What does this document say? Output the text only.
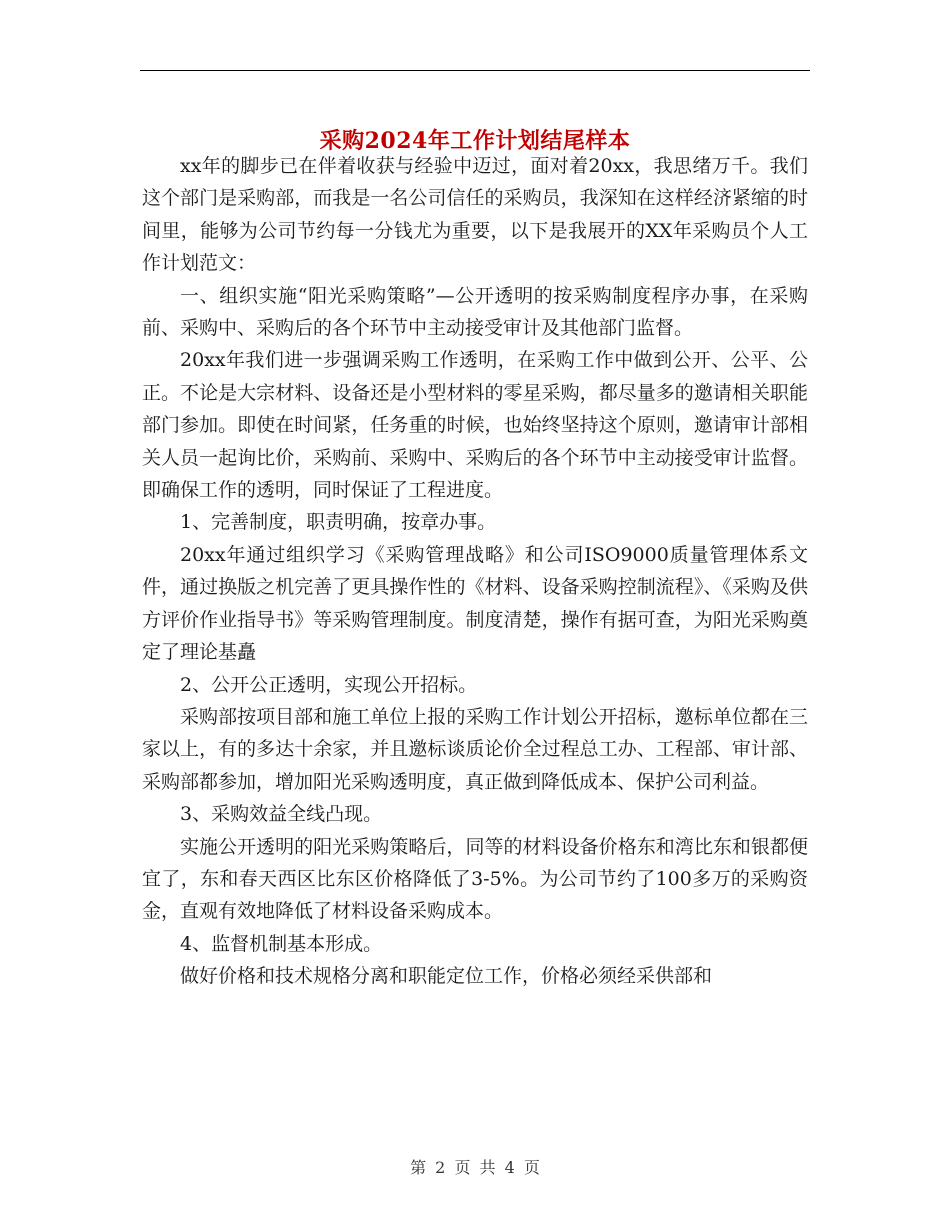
采购2024年工作计划结尾样本

xx年的脚步已在伴着收获与经验中迈过，面对着20xx，我思绪万千。我们这个部门是采购部，而我是一名公司信任的采购员，我深知在这样经济紧缩的时间里，能够为公司节约每一分钱尤为重要，以下是我展开的XX年采购员个人工作计划范文：

一、组织实施“阳光采购策略”—公开透明的按采购制度程序办事，在采购前、采购中、采购后的各个环节中主动接受审计及其他部门监督。

20xx年我们进一步强调采购工作透明，在采购工作中做到公开、公平、公正。不论是大宗材料、设备还是小型材料的零星采购，都尽量多的邀请相关职能部门参加。即使在时间紧，任务重的时候，也始终坚持这个原则，邀请审计部相关人员一起询比价，采购前、采购中、采购后的各个环节中主动接受审计监督。即确保工作的透明，同时保证了工程进度。

1、完善制度，职责明确，按章办事。

20xx年通过组织学习《采购管理战略》和公司ISO9000质量管理体系文件，通过换版之机完善了更具操作性的《材料、设备采购控制流程》、《采购及供方评价作业指导书》等采购管理制度。制度清楚，操作有据可查，为阳光采购奠定了理论基矗

2、公开公正透明，实现公开招标。

采购部按项目部和施工单位上报的采购工作计划公开招标，邀标单位都在三家以上，有的多达十余家，并且邀标谈质论价全过程总工办、工程部、审计部、采购部都参加，增加阳光采购透明度，真正做到降低成本、保护公司利益。

3、采购效益全线凸现。

实施公开透明的阳光采购策略后，同等的材料设备价格东和湾比东和银都便宜了，东和春天西区比东区价格降低了3-5%。为公司节约了100多万的采购资金，直观有效地降低了材料设备采购成本。

4、监督机制基本形成。

做好价格和技术规格分离和职能定位工作，价格必须经采供部和

第 2 页 共 4 页
